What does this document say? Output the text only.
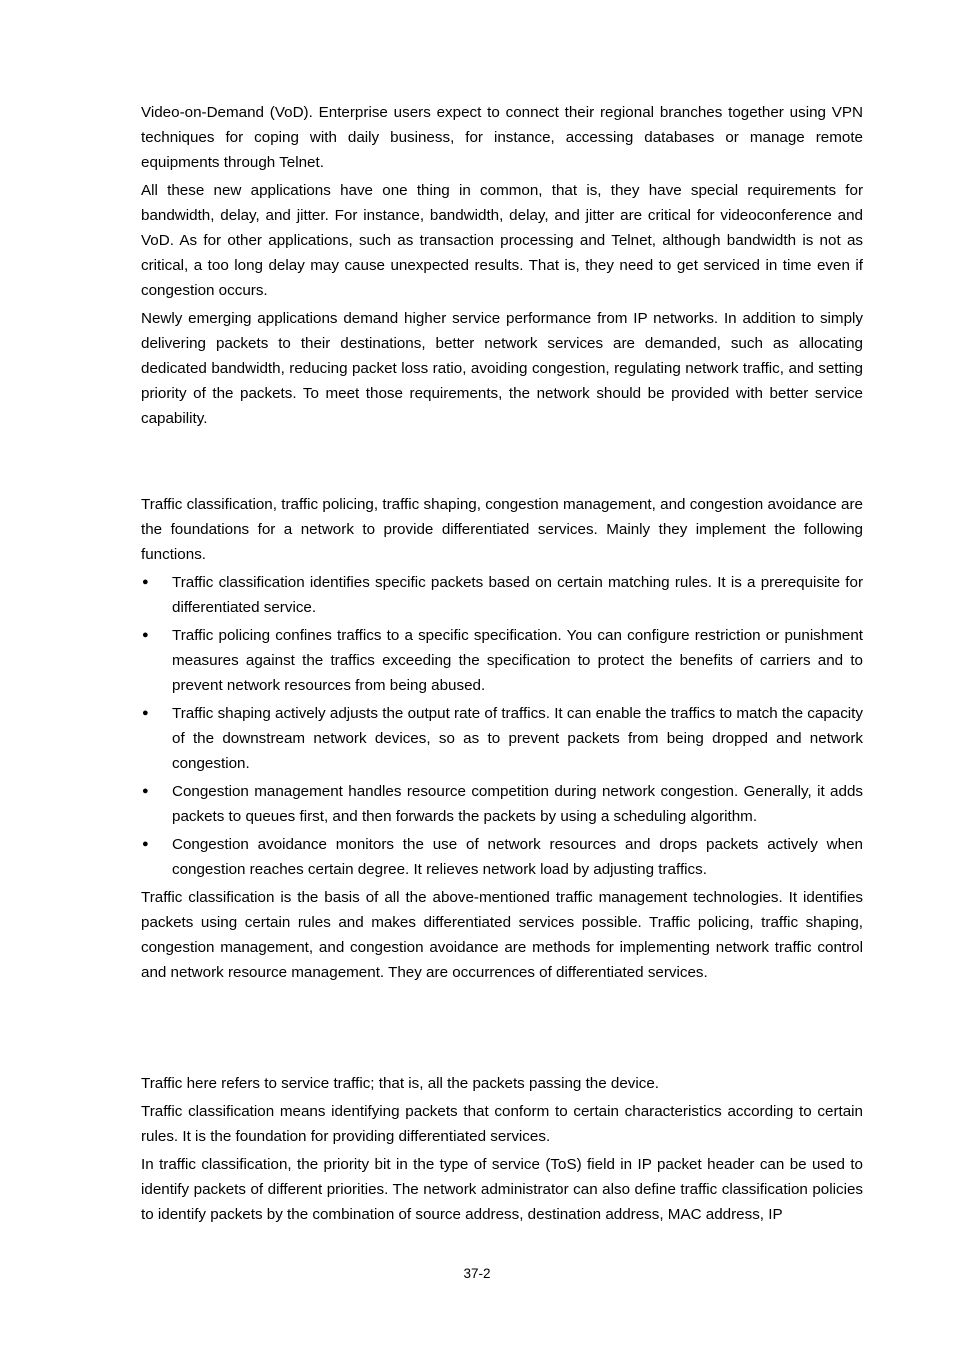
Video-on-Demand (VoD). Enterprise users expect to connect their regional branches together using VPN techniques for coping with daily business, for instance, accessing databases or manage remote equipments through Telnet.

All these new applications have one thing in common, that is, they have special requirements for bandwidth, delay, and jitter. For instance, bandwidth, delay, and jitter are critical for videoconference and VoD. As for other applications, such as transaction processing and Telnet, although bandwidth is not as critical, a too long delay may cause unexpected results. That is, they need to get serviced in time even if congestion occurs.

Newly emerging applications demand higher service performance from IP networks. In addition to simply delivering packets to their destinations, better network services are demanded, such as allocating dedicated bandwidth, reducing packet loss ratio, avoiding congestion, regulating network traffic, and setting priority of the packets. To meet those requirements, the network should be provided with better service capability.

Traffic classification, traffic policing, traffic shaping, congestion management, and congestion avoidance are the foundations for a network to provide differentiated services. Mainly they implement the following functions.

● Traffic classification identifies specific packets based on certain matching rules. It is a prerequisite for differentiated service.
● Traffic policing confines traffics to a specific specification. You can configure restriction or punishment measures against the traffics exceeding the specification to protect the benefits of carriers and to prevent network resources from being abused.
● Traffic shaping actively adjusts the output rate of traffics. It can enable the traffics to match the capacity of the downstream network devices, so as to prevent packets from being dropped and network congestion.
● Congestion management handles resource competition during network congestion. Generally, it adds packets to queues first, and then forwards the packets by using a scheduling algorithm.
● Congestion avoidance monitors the use of network resources and drops packets actively when congestion reaches certain degree. It relieves network load by adjusting traffics.

Traffic classification is the basis of all the above-mentioned traffic management technologies. It identifies packets using certain rules and makes differentiated services possible. Traffic policing, traffic shaping, congestion management, and congestion avoidance are methods for implementing network traffic control and network resource management. They are occurrences of differentiated services.

Traffic here refers to service traffic; that is, all the packets passing the device.

Traffic classification means identifying packets that conform to certain characteristics according to certain rules. It is the foundation for providing differentiated services.

In traffic classification, the priority bit in the type of service (ToS) field in IP packet header can be used to identify packets of different priorities. The network administrator can also define traffic classification policies to identify packets by the combination of source address, destination address, MAC address, IP

37-2
